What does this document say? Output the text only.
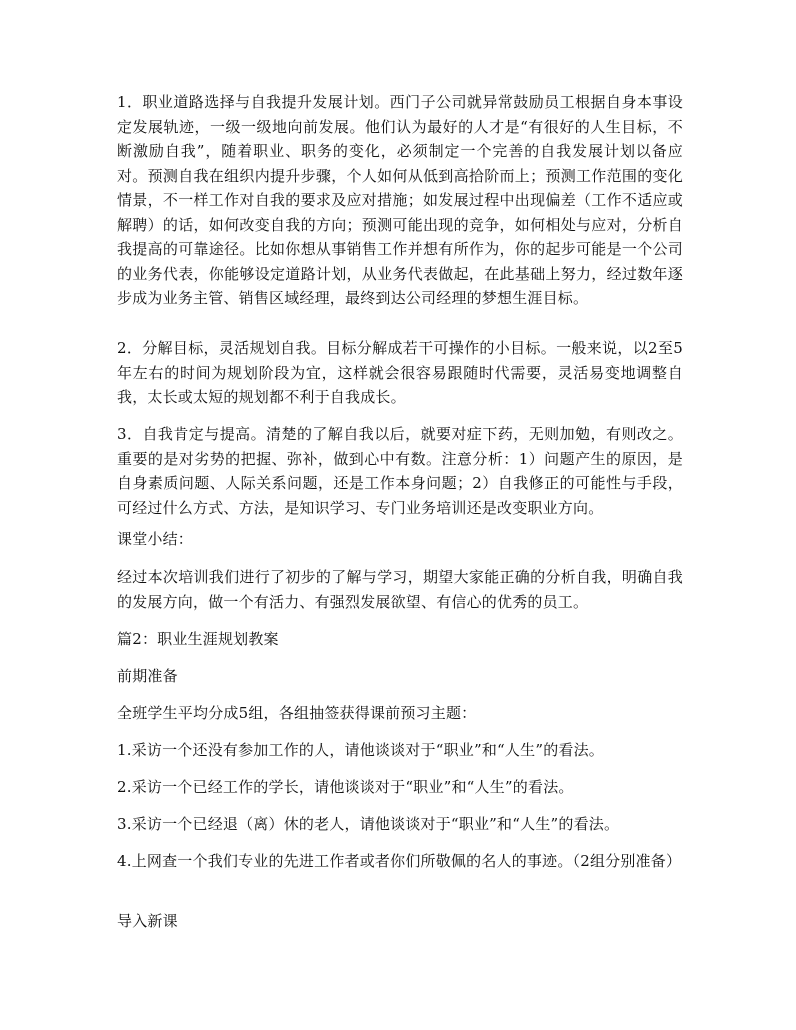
1．职业道路选择与自我提升发展计划。西门子公司就异常鼓励员工根据自身本事设定发展轨迹，一级一级地向前发展。他们认为最好的人才是“有很好的人生目标，不断激励自我”，随着职业、职务的变化，必须制定一个完善的自我发展计划以备应对。预测自我在组织内提升步骤，个人如何从低到高拾阶而上；预测工作范围的变化情景，不一样工作对自我的要求及应对措施；如发展过程中出现偏差（工作不适应或解聘）的话，如何改变自我的方向；预测可能出现的竞争，如何相处与应对，分析自我提高的可靠途径。比如你想从事销售工作并想有所作为，你的起步可能是一个公司的业务代表，你能够设定道路计划，从业务代表做起，在此基础上努力，经过数年逐步成为业务主管、销售区域经理，最终到达公司经理的梦想生涯目标。

2．分解目标，灵活规划自我。目标分解成若干可操作的小目标。一般来说，以2至5年左右的时间为规划阶段为宜，这样就会很容易跟随时代需要，灵活易变地调整自我，太长或太短的规划都不利于自我成长。

3．自我肯定与提高。清楚的了解自我以后，就要对症下药，无则加勉，有则改之。重要的是对劣势的把握、弥补，做到心中有数。注意分析：1）问题产生的原因，是自身素质问题、人际关系问题，还是工作本身问题；2）自我修正的可能性与手段，可经过什么方式、方法，是知识学习、专门业务培训还是改变职业方向。

课堂小结：

经过本次培训我们进行了初步的了解与学习，期望大家能正确的分析自我，明确自我的发展方向，做一个有活力、有强烈发展欲望、有信心的优秀的员工。

篇2：职业生涯规划教案

前期准备

全班学生平均分成5组，各组抽签获得课前预习主题：

1.采访一个还没有参加工作的人，请他谈谈对于“职业”和“人生”的看法。

2.采访一个已经工作的学长，请他谈谈对于“职业”和“人生”的看法。

3.采访一个已经退（离）休的老人，请他谈谈对于“职业”和“人生”的看法。

4.上网查一个我们专业的先进工作者或者你们所敬佩的名人的事迹。（2组分别准备）

导入新课
